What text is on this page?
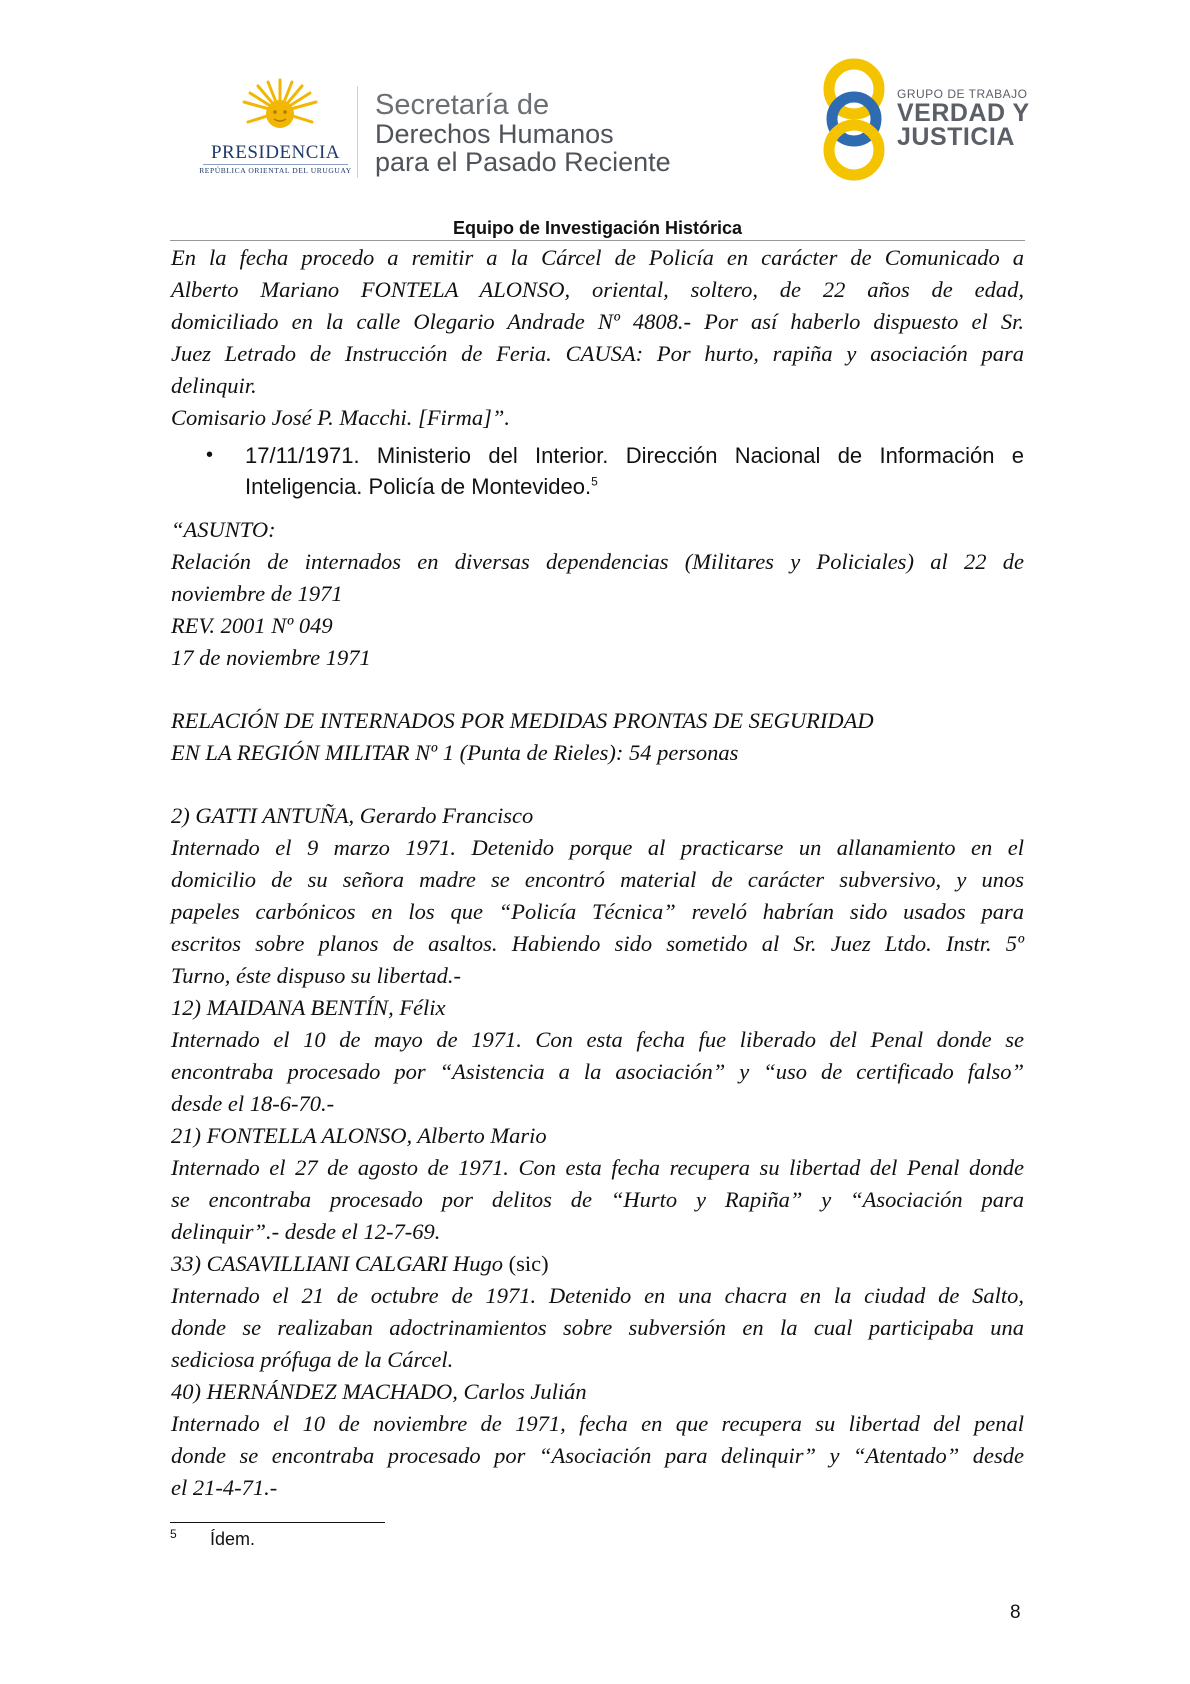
PRESIDENCIA
REPÚBLICA ORIENTAL DEL URUGUAY
Secretaría de
Derechos Humanos
para el Pasado Reciente
GRUPO DE TRABAJO
VERDAD Y
JUSTICIA
Equipo de Investigación Histórica

En la fecha procedo a remitir a la Cárcel de Policía en carácter de Comunicado a

Alberto Mariano FONTELA ALONSO, oriental, soltero, de 22 años de edad,

domiciliado en la calle Olegario Andrade Nº 4808.- Por así haberlo dispuesto el Sr.

Juez Letrado de Instrucción de Feria. CAUSA: Por hurto, rapiña y asociación para

delinquir.

Comisario José P. Macchi. [Firma]”.

• 17/11/1971. Ministerio del Interior. Dirección Nacional de Información e
Inteligencia. Policía de Montevideo.$^5$

“ASUNTO:

Relación de internados en diversas dependencias (Militares y Policiales) al 22 de

noviembre de 1971

REV. 2001 Nº 049

17 de noviembre 1971

RELACIÓN DE INTERNADOS POR MEDIDAS PRONTAS DE SEGURIDAD

EN LA REGIÓN MILITAR Nº 1 (Punta de Rieles): 54 personas

2) GATTI ANTUÑA, Gerardo Francisco

Internado el 9 marzo 1971. Detenido porque al practicarse un allanamiento en el

domicilio de su señora madre se encontró material de carácter subversivo, y unos

papeles carbónicos en los que “Policía Técnica” reveló habrían sido usados para

escritos sobre planos de asaltos. Habiendo sido sometido al Sr. Juez Ltdo. Instr. 5º

Turno, éste dispuso su libertad.-

12) MAIDANA BENTÍN, Félix

Internado el 10 de mayo de 1971. Con esta fecha fue liberado del Penal donde se

encontraba procesado por “Asistencia a la asociación” y “uso de certificado falso”

desde el 18-6-70.-

21) FONTELLA ALONSO, Alberto Mario

Internado el 27 de agosto de 1971. Con esta fecha recupera su libertad del Penal donde

se encontraba procesado por delitos de “Hurto y Rapiña” y “Asociación para

delinquir”.- desde el 12-7-69.

33) CASAVILLIANI CALGARI Hugo (sic)

Internado el 21 de octubre de 1971. Detenido en una chacra en la ciudad de Salto,

donde se realizaban adoctrinamientos sobre subversión en la cual participaba una

sediciosa prófuga de la Cárcel.

40) HERNÁNDEZ MACHADO, Carlos Julián

Internado el 10 de noviembre de 1971, fecha en que recupera su libertad del penal

donde se encontraba procesado por “Asociación para delinquir” y “Atentado” desde

el 21-4-71.-

5 Ídem.
8
